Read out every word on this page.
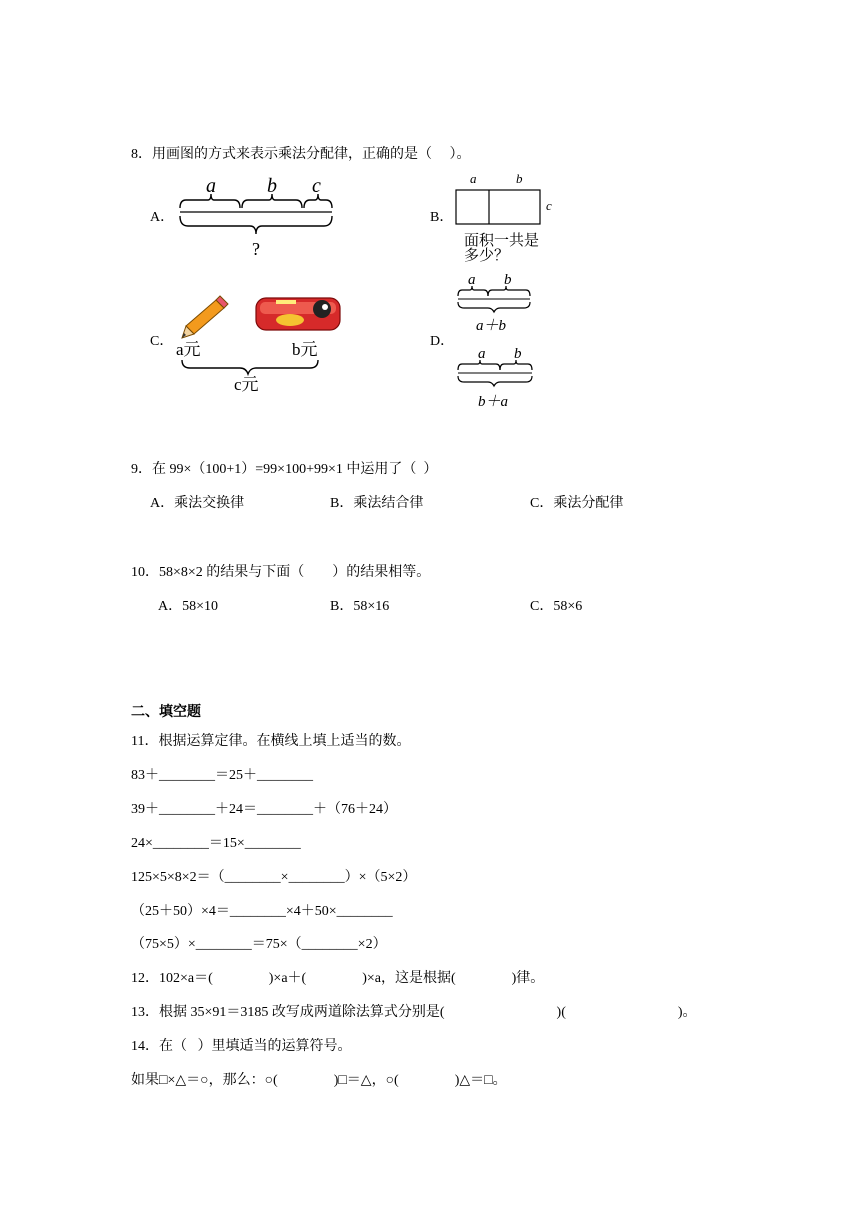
8．用画图的方式来表示乘法分配律，正确的是（　 ）。
A．
a	b c
?
B．
a	b
c
面积一共是
多少？
C． a元	b元
c元
D．
a b
a＋b
a b
b＋a
9．在 99×（100+1）=99×100+99×1 中运用了（  ）
A．乘法交换律	B．乘法结合律	C．乘法分配律
10．58×8×2 的结果与下面（　　）的结果相等。
A．58×10	B．58×16	C．58×6
二、填空题
11．根据运算定律。在横线上填上适当的数。
83＋________＝25＋________
39＋________＋24＝________＋（76＋24）
24×________＝15×________
125×5×8×2＝（________×________）×（5×2）
（25＋50）×4＝________×4＋50×________
（75×5）×________＝75×（________×2）
12．102×a＝(　　　　)×a＋(　　　　)×a，这是根据(　　　　)律。
13．根据 35×91＝3185 改写成两道除法算式分别是(　　　　　　　　)(　　　　　　　　)。
14．在（   ）里填适当的运算符号。
如果□×△＝○，那么：○(　　　　)□＝△，○(　　　　)△＝□。
